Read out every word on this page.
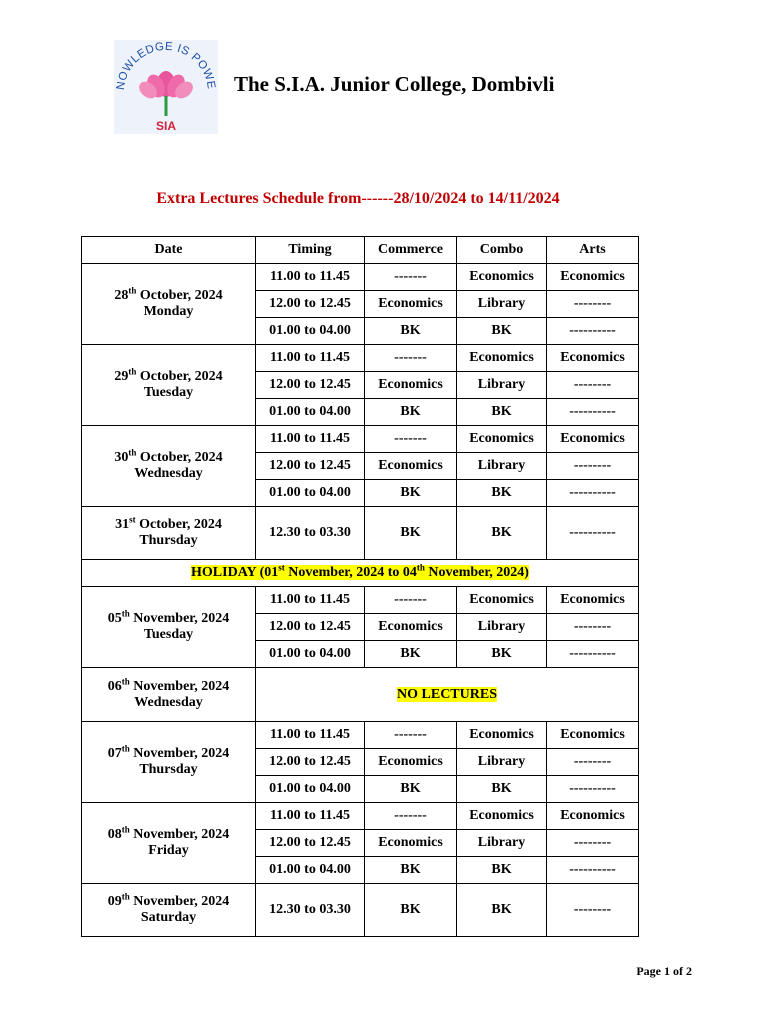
NOWLEDGE IS POWE
SIA
The S.I.A. Junior College, Dombivli
Extra Lectures Schedule from------28/10/2024 to 14/11/2024
Date	Timing	Commerce	Combo	Arts
28th October, 2024
Monday	11.00 to 11.45	-------	Economics	Economics
	12.00 to 12.45	Economics	Library	--------
	01.00 to 04.00	BK	BK	----------
29th October, 2024
Tuesday	11.00 to 11.45	-------	Economics	Economics
	12.00 to 12.45	Economics	Library	--------
	01.00 to 04.00	BK	BK	----------
30th October, 2024
Wednesday	11.00 to 11.45	-------	Economics	Economics
	12.00 to 12.45	Economics	Library	--------
	01.00 to 04.00	BK	BK	----------
31st October, 2024
Thursday	12.30 to 03.30	BK	BK	----------
HOLIDAY (01st November, 2024 to 04th November, 2024)				
05th November, 2024
Tuesday	11.00 to 11.45	-------	Economics	Economics
	12.00 to 12.45	Economics	Library	--------
	01.00 to 04.00	BK	BK	----------
06th November, 2024
Wednesday	NO LECTURES			
07th November, 2024
Thursday	11.00 to 11.45	-------	Economics	Economics
	12.00 to 12.45	Economics	Library	--------
	01.00 to 04.00	BK	BK	----------
08th November, 2024
Friday	11.00 to 11.45	-------	Economics	Economics
	12.00 to 12.45	Economics	Library	--------
	01.00 to 04.00	BK	BK	----------
09th November, 2024
Saturday	12.30 to 03.30	BK	BK	--------
Page 1 of 2
